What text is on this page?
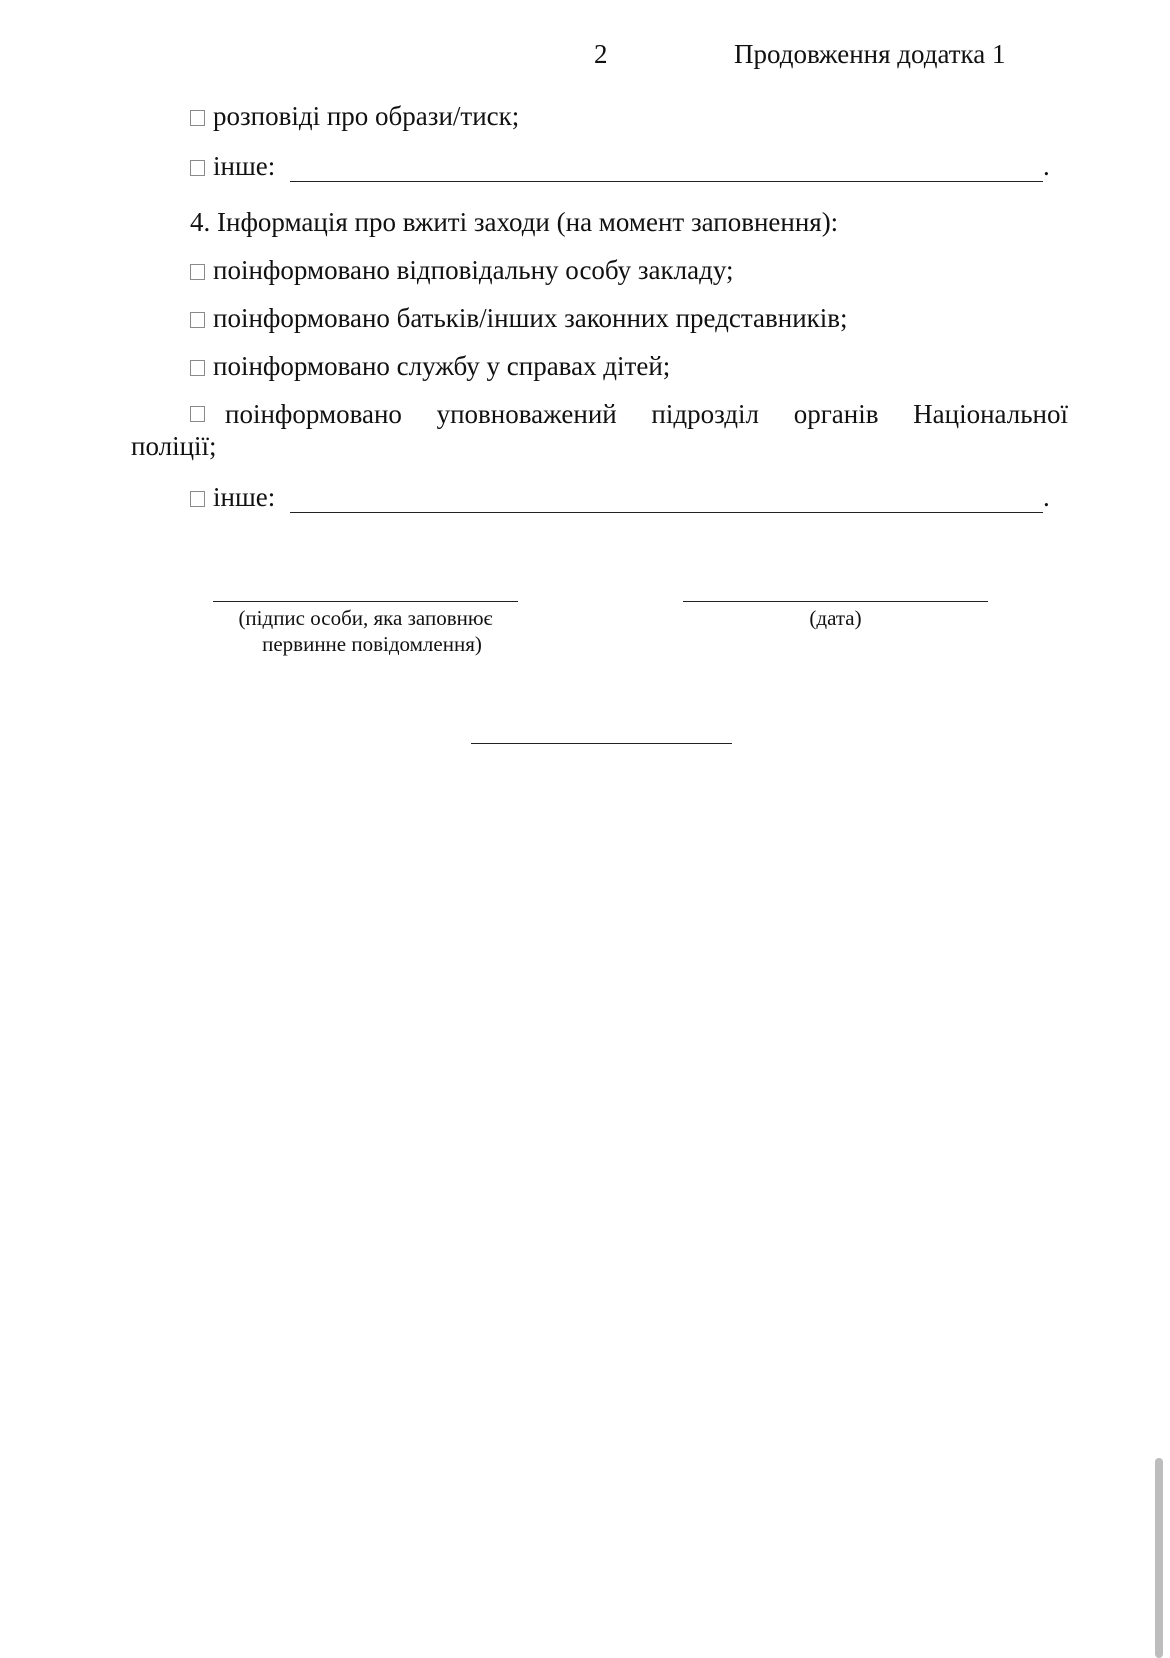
2	Продовження додатка 1
розповіді про образи/тиск;
інше:	.
4. Інформація про вжиті заходи (на момент заповнення):
поінформовано відповідальну особу закладу;
поінформовано батьків/інших законних представників;
поінформовано службу у справах дітей;
поінформовано уповноважений підрозділ органів Національної
поліції;
інше:	.
(підпис особи, яка заповнює
первинне повідомлення)
(дата)
